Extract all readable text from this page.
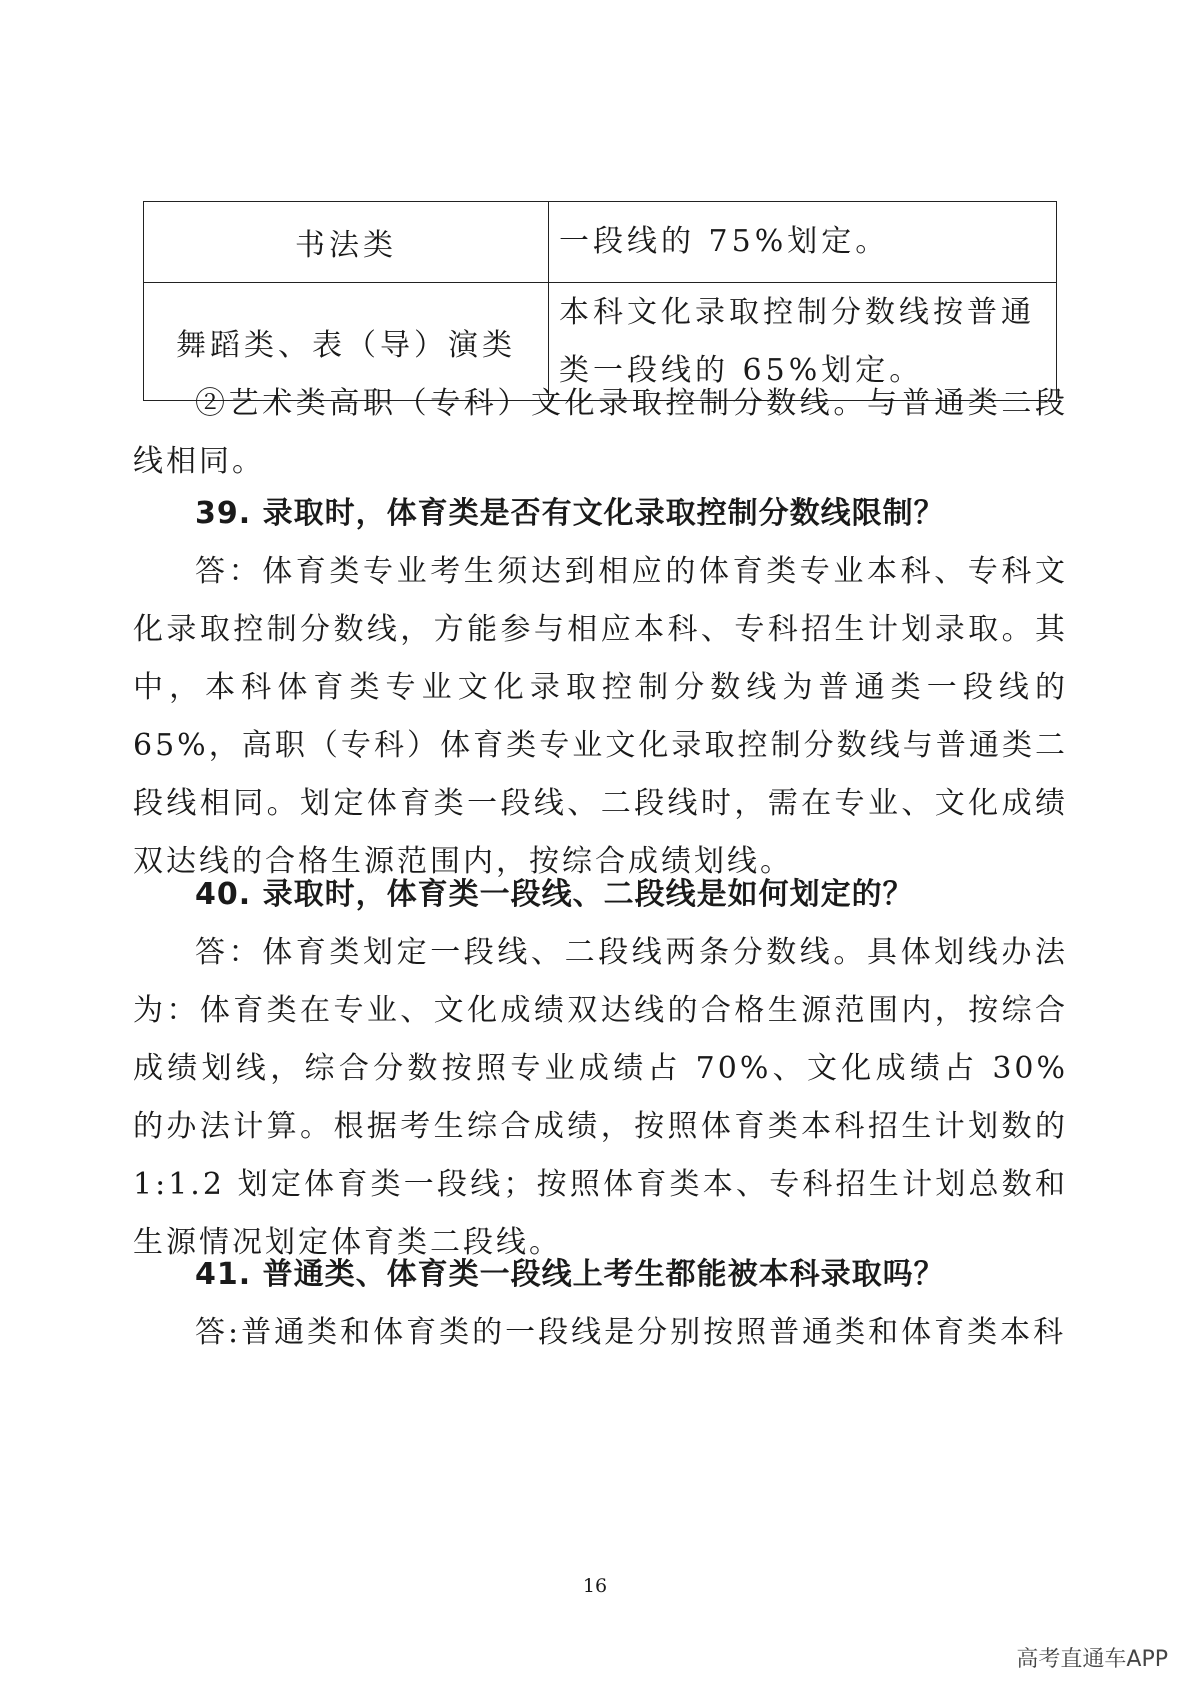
书法类	一段线的 75%划定。
舞蹈类、表（导）演类	本科文化录取控制分数线按普通类一段线的 65%划定。

②艺术类高职（专科）文化录取控制分数线。与普通类二段线相同。

39. 录取时，体育类是否有文化录取控制分数线限制？

答：体育类专业考生须达到相应的体育类专业本科、专科文化录取控制分数线，方能参与相应本科、专科招生计划录取。其中，本科体育类专业文化录取控制分数线为普通类一段线的 65%，高职（专科）体育类专业文化录取控制分数线与普通类二段线相同。划定体育类一段线、二段线时，需在专业、文化成绩双达线的合格生源范围内，按综合成绩划线。

40. 录取时，体育类一段线、二段线是如何划定的？

答：体育类划定一段线、二段线两条分数线。具体划线办法为：体育类在专业、文化成绩双达线的合格生源范围内，按综合成绩划线，综合分数按照专业成绩占 70%、文化成绩占 30%的办法计算。根据考生综合成绩，按照体育类本科招生计划数的 1:1.2 划定体育类一段线；按照体育类本、专科招生计划总数和生源情况划定体育类二段线。

41. 普通类、体育类一段线上考生都能被本科录取吗？

答:普通类和体育类的一段线是分别按照普通类和体育类本科

16
高考直通车APP
